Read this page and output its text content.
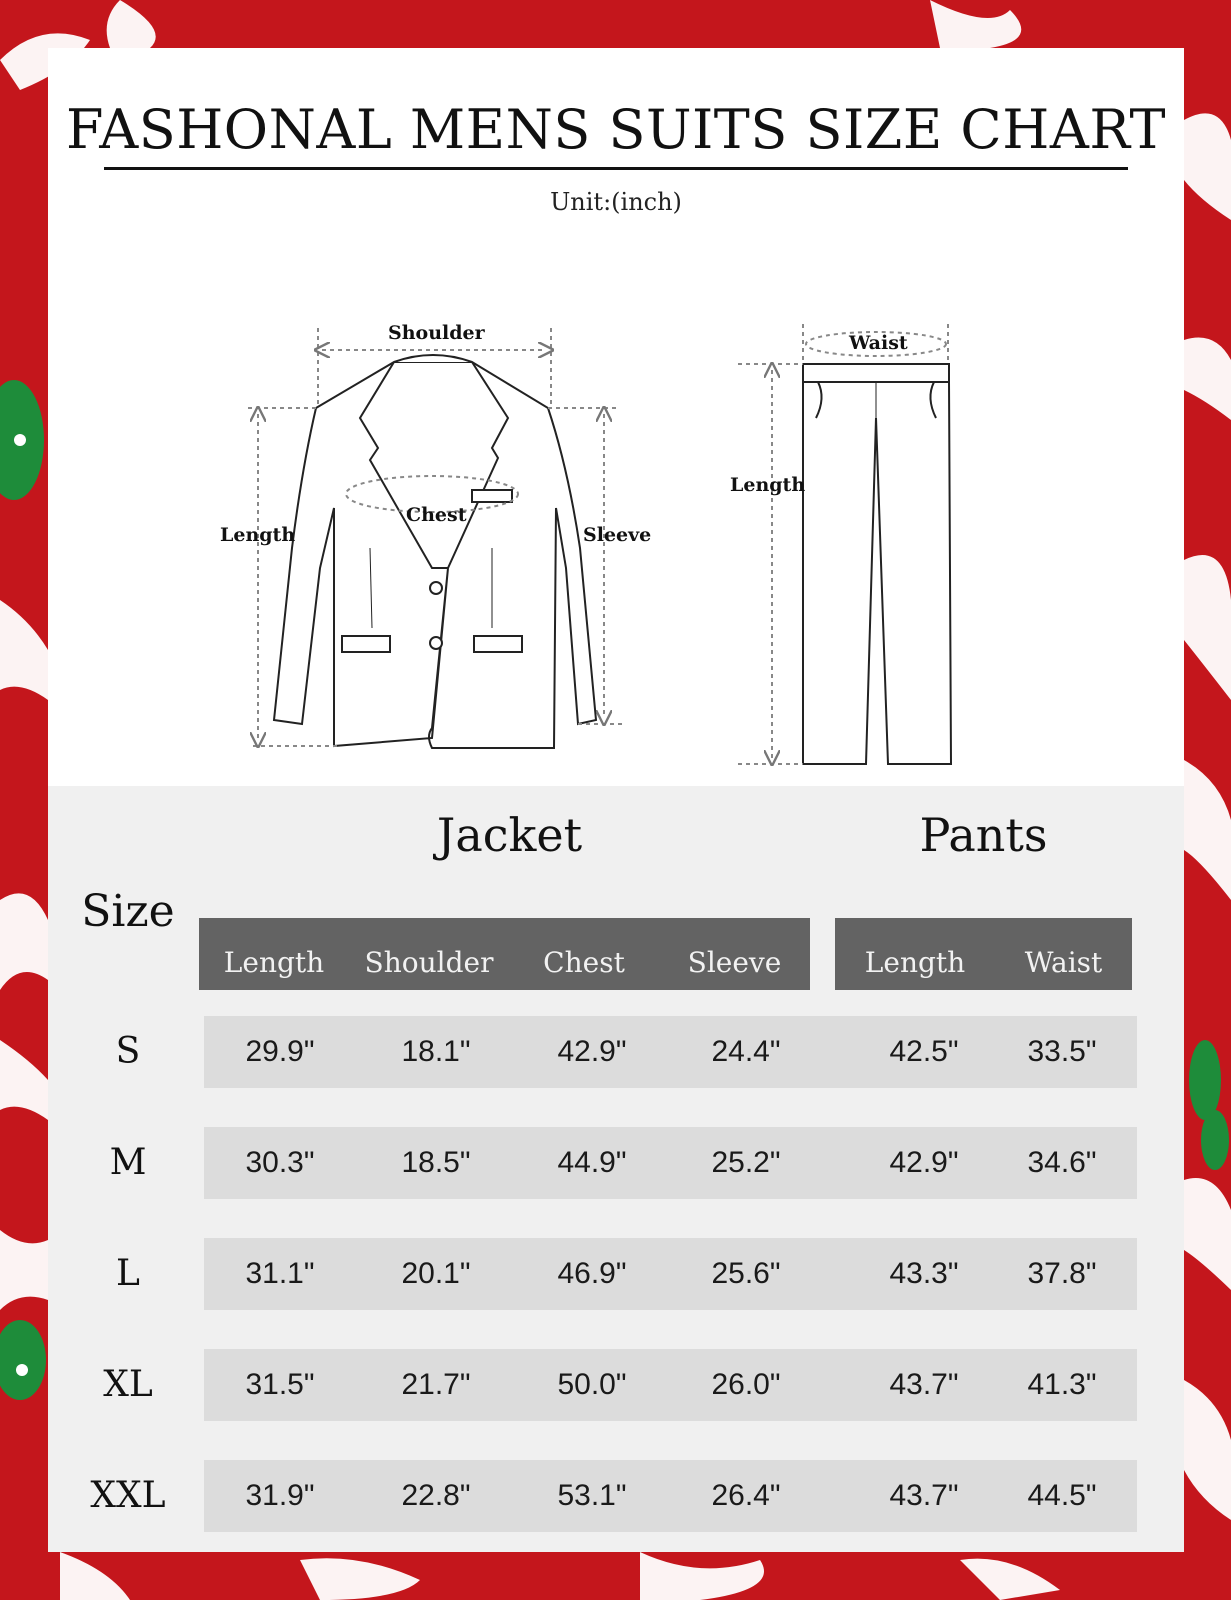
FASHONAL MENS SUITS SIZE CHART
Unit:(inch)
Shoulder
Chest
Length	Sleeve
Waist
Length
Jacket	Pants
Size
Length	Shoulder	Chest	Sleeve	Length	Waist
S	29.9"	18.1"	42.9"	24.4"	42.5"	33.5"
M	30.3"	18.5"	44.9"	25.2"	42.9"	34.6"
L	31.1"	20.1"	46.9"	25.6"	43.3"	37.8"
XL	31.5"	21.7"	50.0"	26.0"	43.7"	41.3"
XXL	31.9"	22.8"	53.1"	26.4"	43.7"	44.5"
